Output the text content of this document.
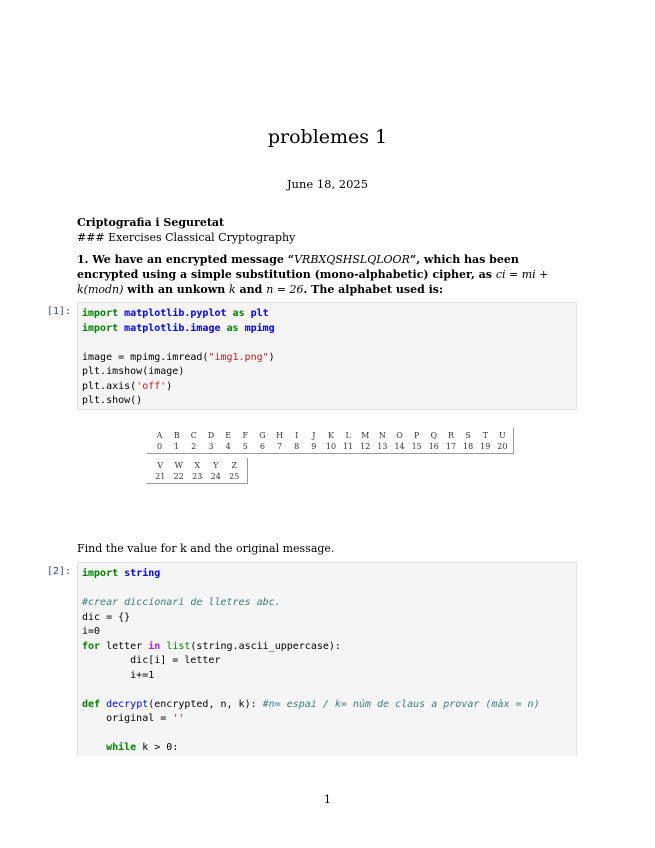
problemes 1
June 18, 2025
Criptografia i Seguretat
### Exercises Classical Cryptography
1. We have an encrypted message “VRBXQSHSLQLOOR”, which has been encrypted using a simple substitution (mono-alphabetic) cipher, as ci = mi + k(modn) with an unkown k and n = 26. The alphabet used is:
[1]: import matplotlib.pyplot as plt
import matplotlib.image as mpimg

image = mpimg.imread("img1.png")
plt.imshow(image)
plt.axis('off')
plt.show()
A	B	C	D	E	F	G	H	I	J	K	L	M	N	O	P	Q	R	S	T	U
0	1	2	3	4	5	6	7	8	9	10 11 12 13 14 15 16 17 18 19 20
V	W	X	Y	Z
21	22	23	24	25
Find the value for k and the original message.
[2]: import string

#crear diccionari de lletres abc.
dic = {}
i=0
for letter in list(string.ascii_uppercase):
dic[i] = letter
i+=1

def decrypt(encrypted, n, k): #n= espai / k= núm de claus a provar (màx = n)
original = ''

while k > 0:
1
